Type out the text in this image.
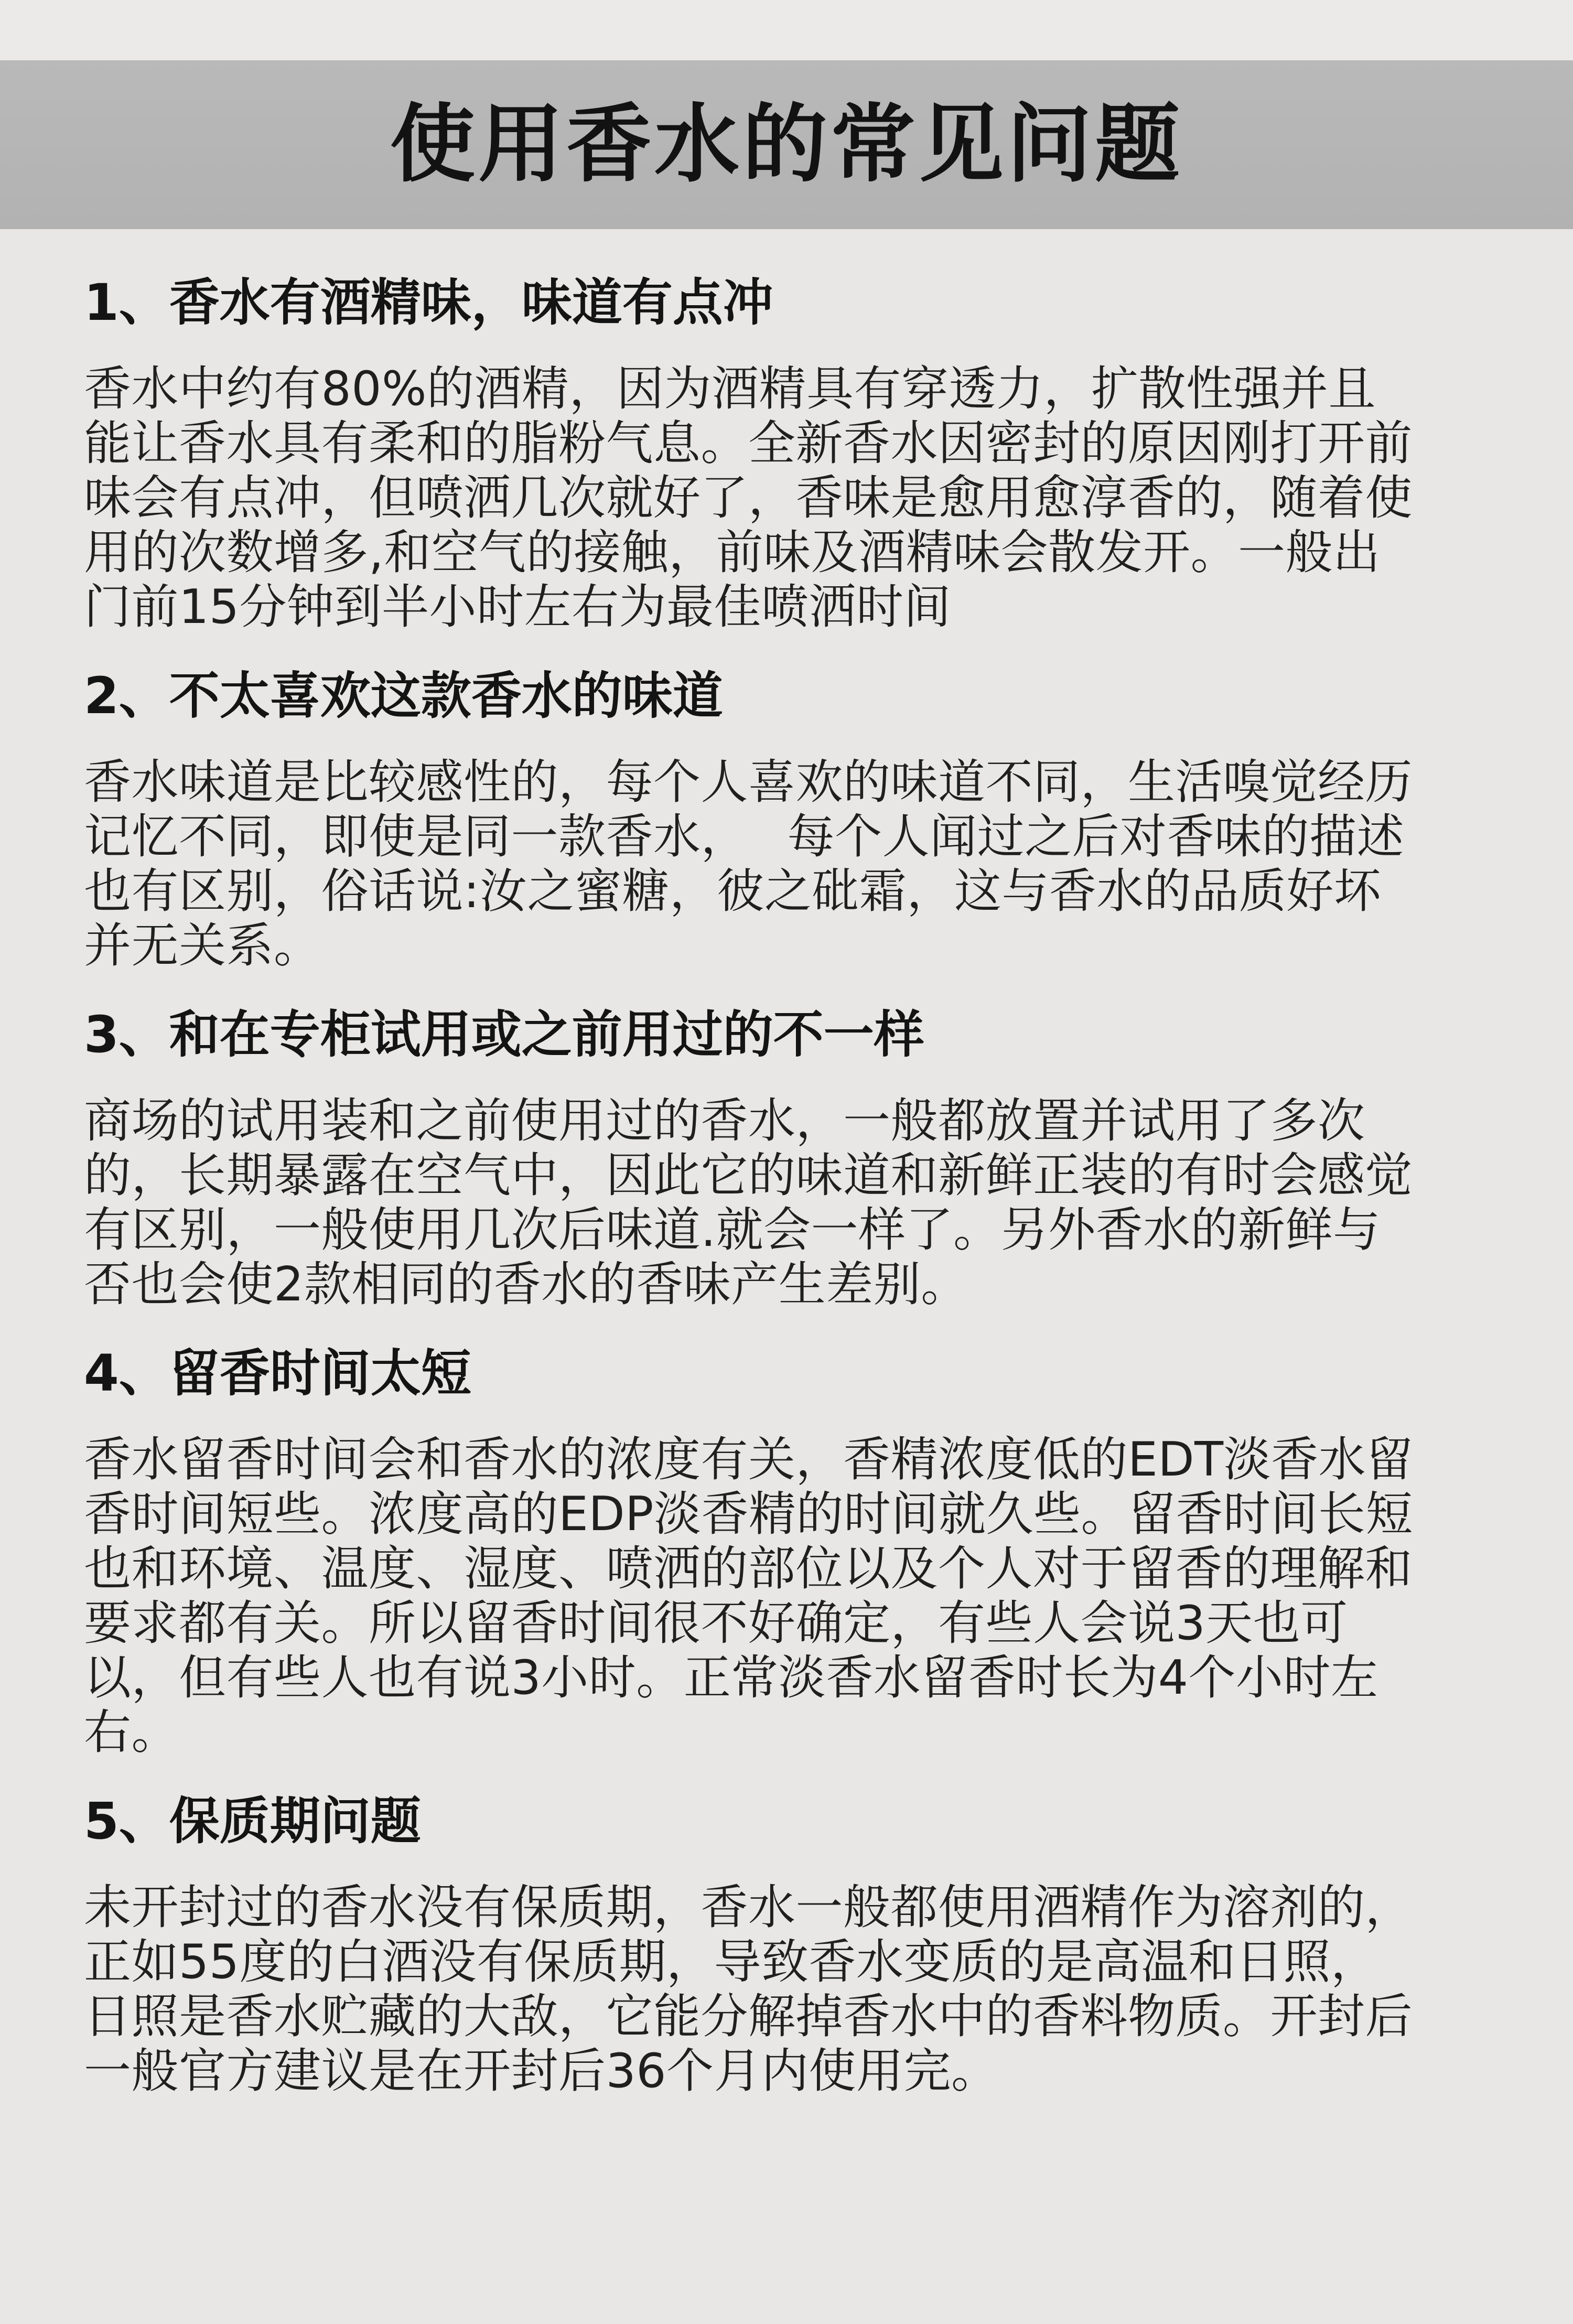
使用香水的常见问题
1、香水有酒精味，味道有点冲

香水中约有80%的酒精，因为酒精具有穿透力，扩散性强并且能让香水具有柔和的脂粉气息。全新香水因密封的原因刚打开前味会有点冲，但喷洒几次就好了，香味是愈用愈淳香的，随着使用的次数增多,和空气的接触，前味及酒精味会散发开。一般出门前15分钟到半小时左右为最佳喷洒时间

2、不太喜欢这款香水的味道

香水味道是比较感性的，每个人喜欢的味道不同，生活嗅觉经历记忆不同，即使是同一款香水，　 每个人闻过之后对香味的描述也有区别，俗话说:汝之蜜糖，彼之砒霜，这与香水的品质好坏并无关系。

3、和在专柜试用或之前用过的不一样

商场的试用装和之前使用过的香水，一般都放置并试用了多次的，长期暴露在空气中，因此它的味道和新鲜正装的有时会感觉有区别，一般使用几次后味道.就会一样了。另外香水的新鲜与否也会使2款相同的香水的香味产生差别。

4、留香时间太短

香水留香时间会和香水的浓度有关，香精浓度低的EDT淡香水留香时间短些。浓度高的EDP淡香精的时间就久些。留香时间长短也和环境、温度、湿度、喷洒的部位以及个人对于留香的理解和要求都有关。所以留香时间很不好确定，有些人会说3天也可以，但有些人也有说3小时。正常淡香水留香时长为4个小时左右。

5、保质期问题

未开封过的香水没有保质期，香水一般都使用酒精作为溶剂的，正如55度的白酒没有保质期，导致香水变质的是高温和日照，日照是香水贮藏的大敌，它能分解掉香水中的香料物质。开封后一般官方建议是在开封后36个月内使用完。
